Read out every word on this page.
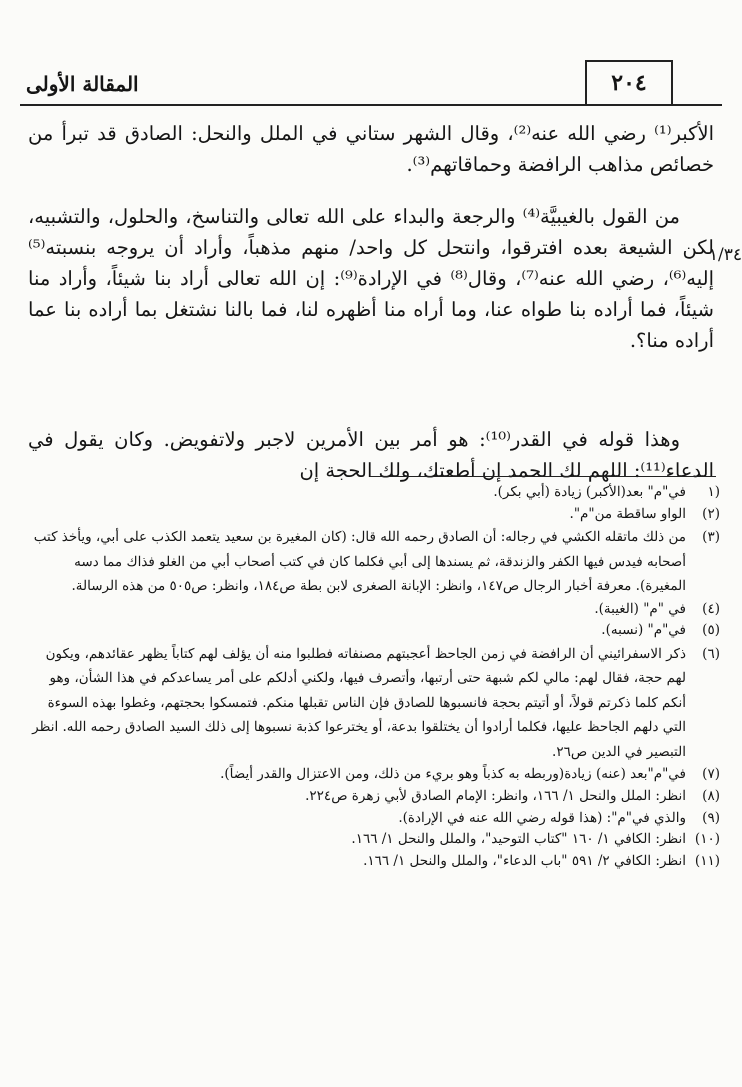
المقالة الأولى	٢٠٤

الأكبر⁽¹⁾ رضي الله عنه⁽²⁾، وقال الشهر ستاني في الملل والنحل: الصادق قد تبرأ من خصائص مذاهب الرافضة وحماقاتهم⁽³⁾.

من القول بالغيبيَّة⁽⁴⁾ والرجعة والبداء على الله تعالى والتناسخ، والحلول، والتشبيه، لكن الشيعة بعده افترقوا، وانتحل كل واحد/ منهم مذهباً، وأراد أن يروجه بنسبته⁽⁵⁾ إليه⁽⁶⁾، رضي الله عنه⁽⁷⁾، وقال⁽⁸⁾ في الإرادة⁽⁹⁾: إن الله تعالى أراد بنا شيئاً، وأراد منا شيئاً، فما أراده بنا طواه عنا، وما أراه منا أظهره لنا، فما بالنا نشتغل بما أراده بنا عما أراده منا؟.

١/٣٤

وهذا قوله في القدر⁽¹⁰⁾: هو أمر بين الأمرين لاجبر ولاتفويض. وكان يقول في الدعاء⁽¹¹⁾: اللهم لك الحمد إن أطعتك، ولك الحجة إن

(١
في"م" بعد(الأكبر) زيادة (أبي بكر).

(٢)
الواو ساقطة من"م".

(٣)
من ذلك ماتقله الكشي في رجاله: أن الصادق رحمه الله قال: (كان المغيرة بن سعيد يتعمد الكذب على أبي، ويأخذ كتب أصحابه فيدس فيها الكفر والزندقة، ثم يسندها إلى أبي فكلما كان في كتب أصحاب أبي من الغلو فذاك مما دسه المغيرة). معرفة أخبار الرجال ص١٤٧، وانظر: الإبانة الصغرى لابن بطة ص١٨٤، وانظر: ص٥٠٥ من هذه الرسالة.

(٤)
في "م" (الغيبة).

(٥)
في"م" (نسبه).

(٦)
ذكر الاسفرائيني أن الرافضة في زمن الجاحظ أعجبتهم مصنفاته فطلبوا منه أن يؤلف لهم كتاباً يظهر عقائدهم، ويكون لهم حجة، فقال لهم: مالي لكم شبهة حتى أرتبها، وأتصرف فيها، ولكني أدلكم على أمر يساعدكم في هذا الشأن، وهو أنكم كلما ذكرتم قولاً، أو أتيتم بحجة فانسبوها للصادق فإن الناس تقبلها منكم. فتمسكوا بحجتهم، وغطوا بهذه السوءة التي دلهم الجاحظ عليها، فكلما أرادوا أن يختلقوا بدعة، أو يخترعوا كذبة نسبوها إلى ذلك السيد الصادق رحمه الله. انظر التبصير في الدين ص٢٦.

(٧)
في"م"بعد (عنه) زيادة(وربطه به كذباً وهو بريء من ذلك، ومن الاعتزال والقدر أيضاً).

(٨)
انظر: الملل والنحل ١/ ١٦٦، وانظر: الإمام الصادق لأبي زهرة ص٢٢٤.

(٩)
والذي في"م": (هذا قوله رضي الله عنه في الإرادة).

(١٠)
انظر: الكافي ١/ ١٦٠ "كتاب التوحيد"، والملل والنحل ١/ ١٦٦.

(١١)
انظر: الكافي ٢/ ٥٩١ "باب الدعاء"، والملل والنحل ١/ ١٦٦.
